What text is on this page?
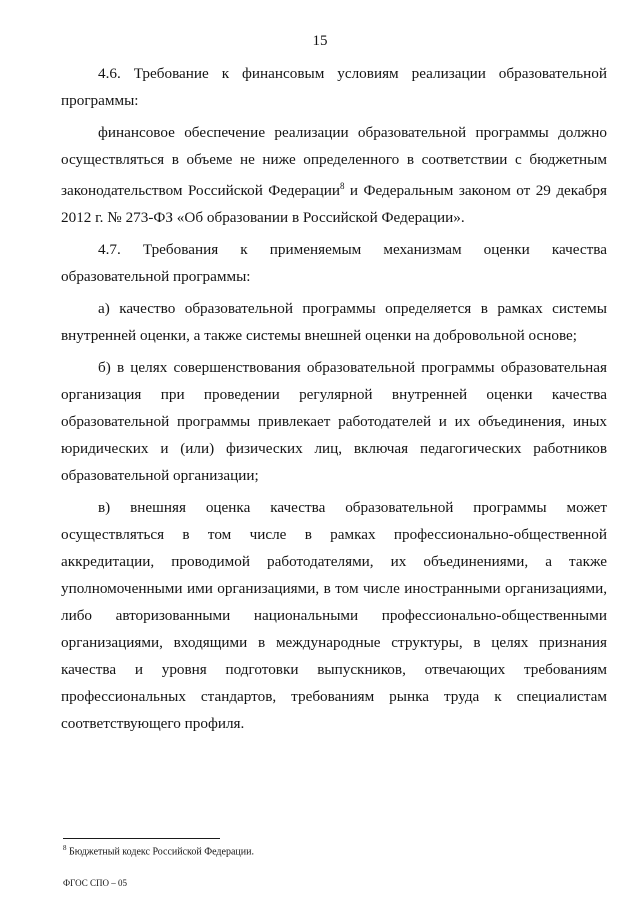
15

4.6. Требование к финансовым условиям реализации образовательной программы:

финансовое обеспечение реализации образовательной программы должно осуществляться в объеме не ниже определенного в соответствии с бюджетным законодательством Российской Федерации$^8$ и Федеральным законом от 29 декабря 2012 г. № 273-ФЗ «Об образовании в Российской Федерации».

4.7. Требования к применяемым механизмам оценки качества образовательной программы:

а) качество образовательной программы определяется в рамках системы внутренней оценки, а также системы внешней оценки на добровольной основе;

б) в целях совершенствования образовательной программы образовательная организация при проведении регулярной внутренней оценки качества образовательной программы привлекает работодателей и их объединения, иных юридических и (или) физических лиц, включая педагогических работников образовательной организации;

в) внешняя оценка качества образовательной программы может осуществляться в том числе в рамках профессионально-общественной аккредитации, проводимой работодателями, их объединениями, а также уполномоченными ими организациями, в том числе иностранными организациями, либо авторизованными национальными профессионально-общественными организациями, входящими в международные структуры, в целях признания качества и уровня подготовки выпускников, отвечающих требованиям профессиональных стандартов, требованиям рынка труда к специалистам соответствующего профиля.

$^8$ Бюджетный кодекс Российской Федерации.
ФГОС СПО – 05
